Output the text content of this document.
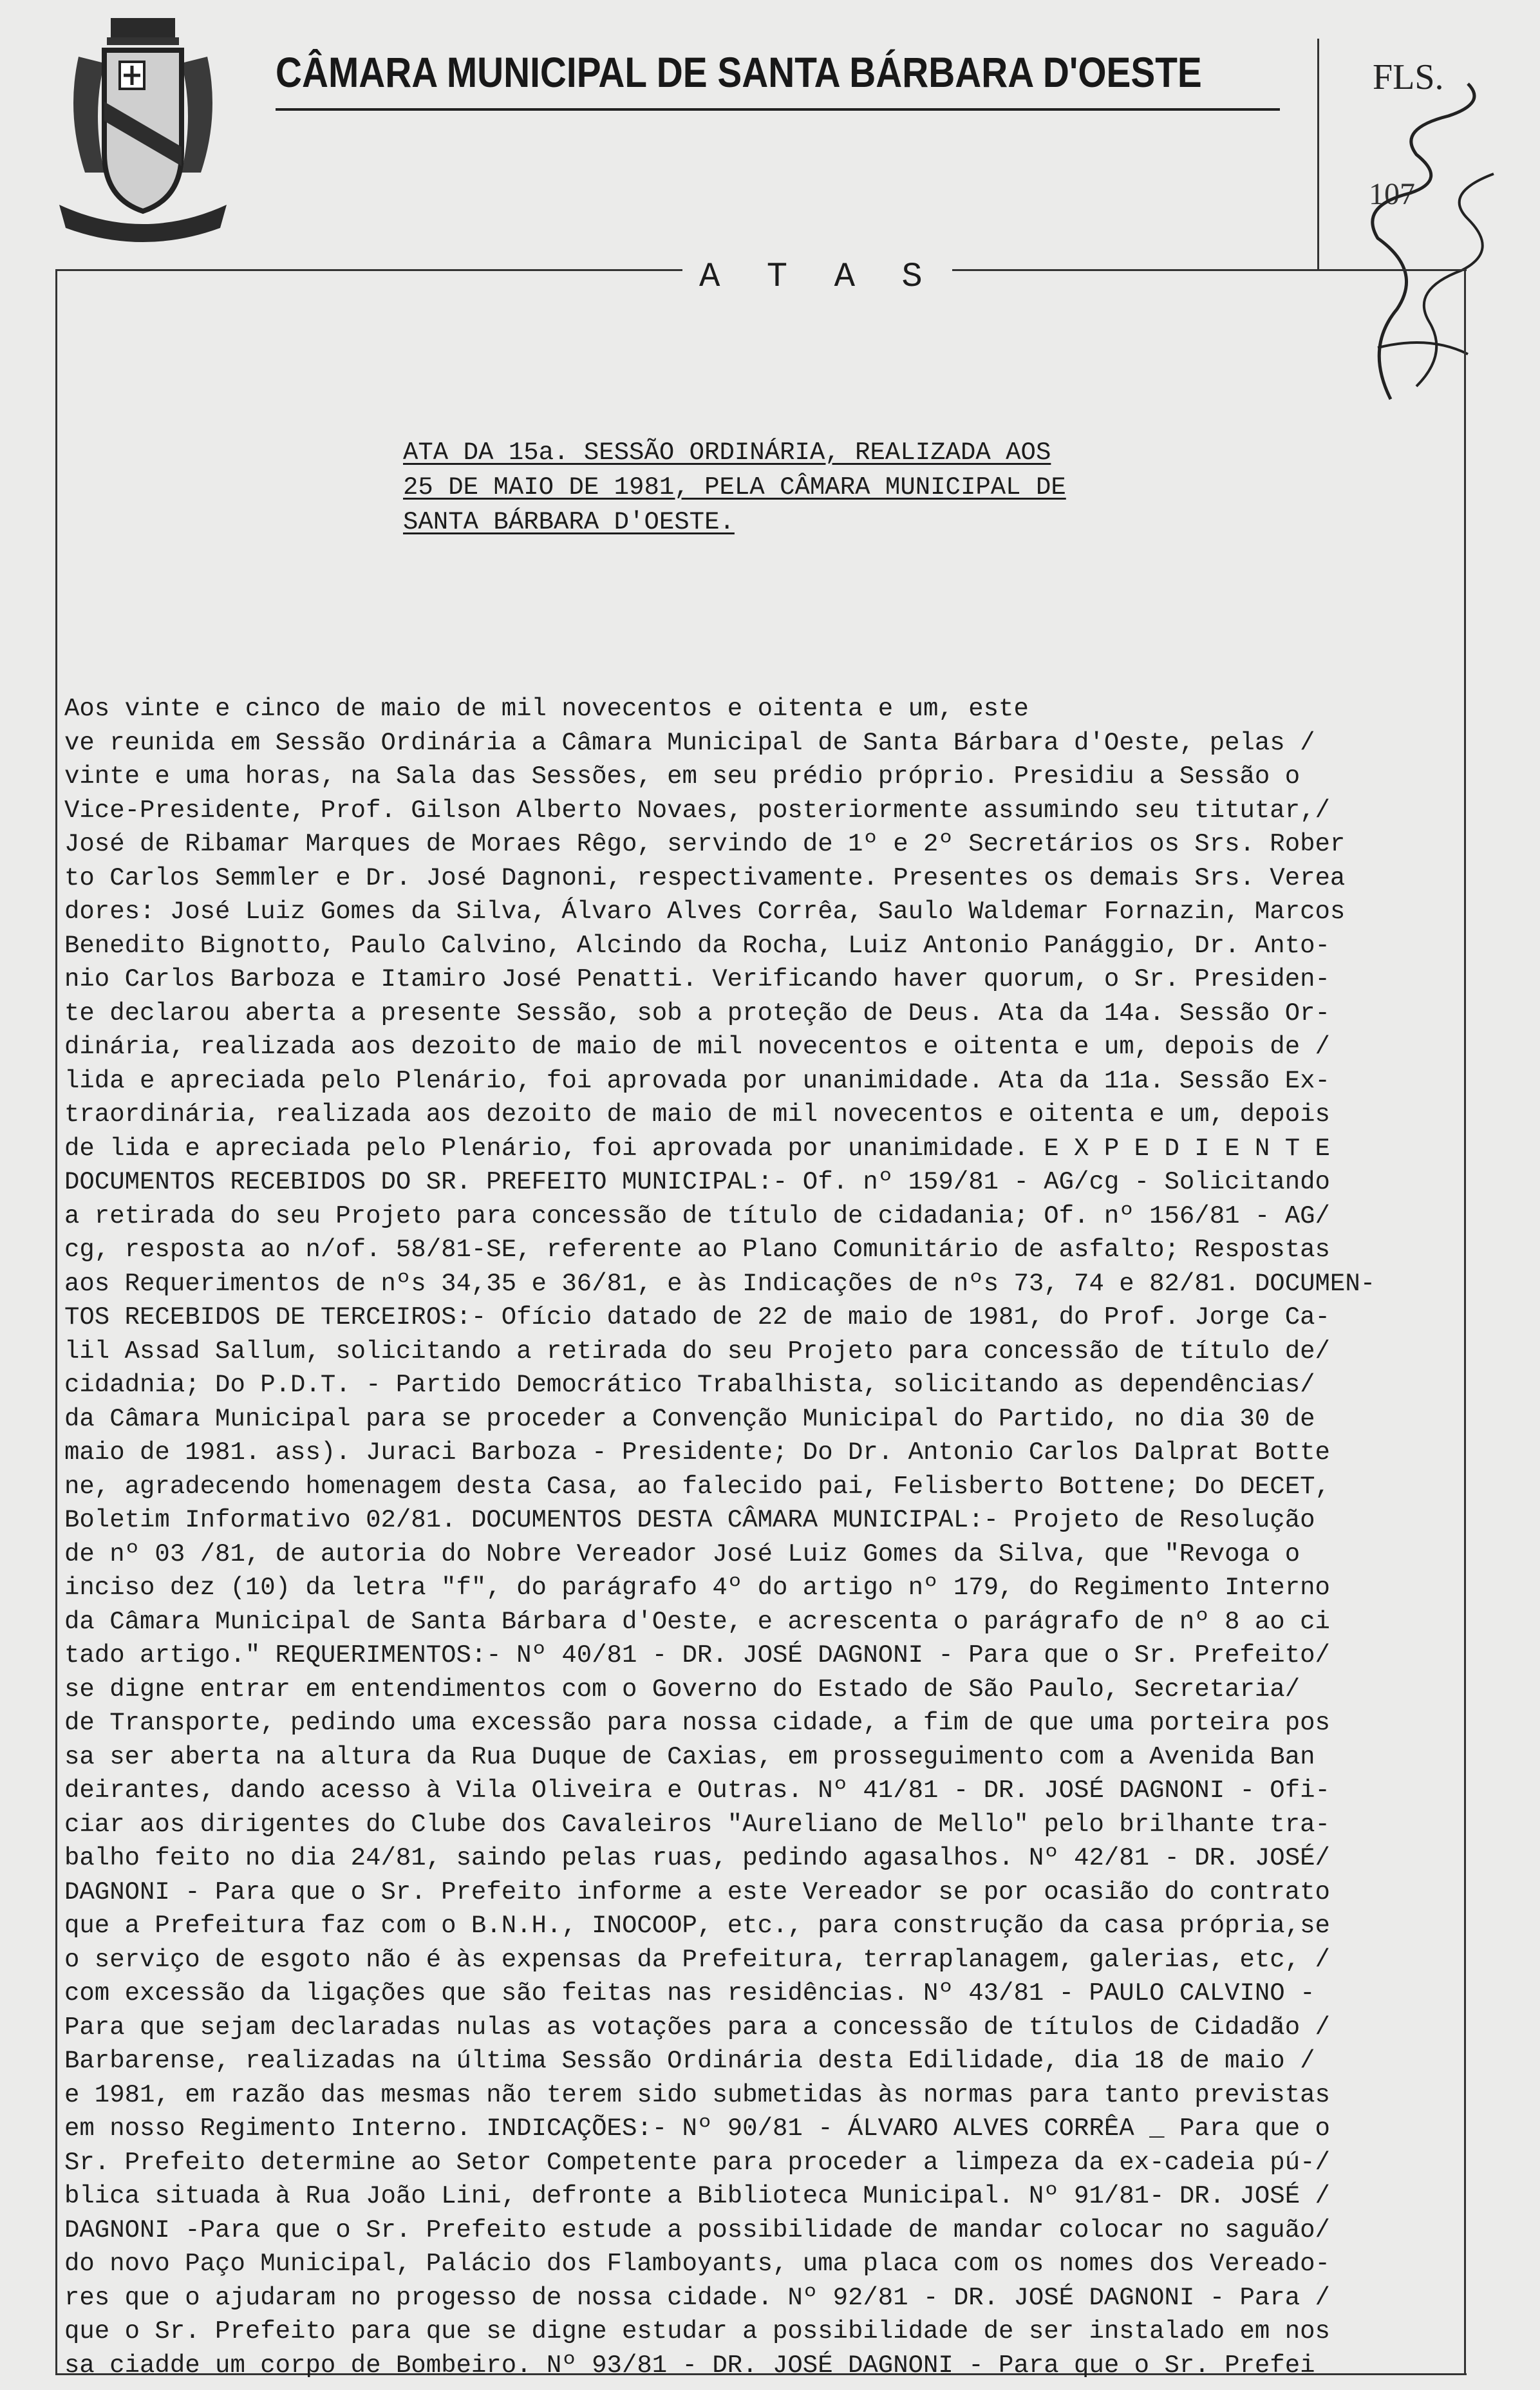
CÂMARA MUNICIPAL DE SANTA BÁRBARA D'OESTE	FLS.
107
A T A S
ATA DA 15a. SESSÃO ORDINÁRIA, REALIZADA AOS
25 DE MAIO DE 1981, PELA CÂMARA MUNICIPAL DE
SANTA BÁRBARA D'OESTE.
Aos vinte e cinco de maio de mil novecentos e oitenta e um, este
ve reunida em Sessão Ordinária a Câmara Municipal de Santa Bárbara d'Oeste, pelas /
vinte e uma horas, na Sala das Sessões, em seu prédio próprio. Presidiu a Sessão o
Vice-Presidente, Prof. Gilson Alberto Novaes, posteriormente assumindo seu titutar,/
José de Ribamar Marques de Moraes Rêgo, servindo de 1º e 2º Secretários os Srs. Rober
to Carlos Semmler e Dr. José Dagnoni, respectivamente. Presentes os demais Srs. Verea
dores: José Luiz Gomes da Silva, Álvaro Alves Corrêa, Saulo Waldemar Fornazin, Marcos
Benedito Bignotto, Paulo Calvino, Alcindo da Rocha, Luiz Antonio Panággio, Dr. Anto-
nio Carlos Barboza e Itamiro José Penatti. Verificando haver quorum, o Sr. Presiden-
te declarou aberta a presente Sessão, sob a proteção de Deus. Ata da 14a. Sessão Or-
dinária, realizada aos dezoito de maio de mil novecentos e oitenta e um, depois de /
lida e apreciada pelo Plenário, foi aprovada por unanimidade. Ata da 11a. Sessão Ex-
traordinária, realizada aos dezoito de maio de mil novecentos e oitenta e um, depois
de lida e apreciada pelo Plenário, foi aprovada por unanimidade. E X P E D I E N T E
DOCUMENTOS RECEBIDOS DO SR. PREFEITO MUNICIPAL:- Of. nº 159/81 - AG/cg - Solicitando
a retirada do seu Projeto para concessão de título de cidadania; Of. nº 156/81 - AG/
cg, resposta ao n/of. 58/81-SE, referente ao Plano Comunitário de asfalto; Respostas
aos Requerimentos de nºs 34,35 e 36/81, e às Indicações de nºs 73, 74 e 82/81. DOCUMEN-
TOS RECEBIDOS DE TERCEIROS:- Ofício datado de 22 de maio de 1981, do Prof. Jorge Ca-
lil Assad Sallum, solicitando a retirada do seu Projeto para concessão de título de/
cidadnia; Do P.D.T. - Partido Democrático Trabalhista, solicitando as dependências/
da Câmara Municipal para se proceder a Convenção Municipal do Partido, no dia 30 de
maio de 1981. ass). Juraci Barboza - Presidente; Do Dr. Antonio Carlos Dalprat Botte
ne, agradecendo homenagem desta Casa, ao falecido pai, Felisberto Bottene; Do DECET,
Boletim Informativo 02/81. DOCUMENTOS DESTA CÂMARA MUNICIPAL:- Projeto de Resolução
de nº 03 /81, de autoria do Nobre Vereador José Luiz Gomes da Silva, que "Revoga o
inciso dez (10) da letra "f", do parágrafo 4º do artigo nº 179, do Regimento Interno
da Câmara Municipal de Santa Bárbara d'Oeste, e acrescenta o parágrafo de nº 8 ao ci
tado artigo." REQUERIMENTOS:- Nº 40/81 - DR. JOSÉ DAGNONI - Para que o Sr. Prefeito/
se digne entrar em entendimentos com o Governo do Estado de São Paulo, Secretaria/
de Transporte, pedindo uma excessão para nossa cidade, a fim de que uma porteira pos
sa ser aberta na altura da Rua Duque de Caxias, em prosseguimento com a Avenida Ban
deirantes, dando acesso à Vila Oliveira e Outras. Nº 41/81 - DR. JOSÉ DAGNONI - Ofi-
ciar aos dirigentes do Clube dos Cavaleiros "Aureliano de Mello" pelo brilhante tra-
balho feito no dia 24/81, saindo pelas ruas, pedindo agasalhos. Nº 42/81 - DR. JOSÉ/
DAGNONI - Para que o Sr. Prefeito informe a este Vereador se por ocasião do contrato
que a Prefeitura faz com o B.N.H., INOCOOP, etc., para construção da casa própria,se
o serviço de esgoto não é às expensas da Prefeitura, terraplanagem, galerias, etc, /
com excessão da ligações que são feitas nas residências. Nº 43/81 - PAULO CALVINO -
Para que sejam declaradas nulas as votações para a concessão de títulos de Cidadão /
Barbarense, realizadas na última Sessão Ordinária desta Edilidade, dia 18 de maio /
e 1981, em razão das mesmas não terem sido submetidas às normas para tanto previstas
em nosso Regimento Interno. INDICAÇÕES:- Nº 90/81 - ÁLVARO ALVES CORRÊA _ Para que o
Sr. Prefeito determine ao Setor Competente para proceder a limpeza da ex-cadeia pú-/
blica situada à Rua João Lini, defronte a Biblioteca Municipal. Nº 91/81- DR. JOSÉ /
DAGNONI -Para que o Sr. Prefeito estude a possibilidade de mandar colocar no saguão/
do novo Paço Municipal, Palácio dos Flamboyants, uma placa com os nomes dos Vereado-
res que o ajudaram no progesso de nossa cidade. Nº 92/81 - DR. JOSÉ DAGNONI - Para /
que o Sr. Prefeito para que se digne estudar a possibilidade de ser instalado em nos
sa ciadde um corpo de Bombeiro. Nº 93/81 - DR. JOSÉ DAGNONI - Para que o Sr. Prefei
